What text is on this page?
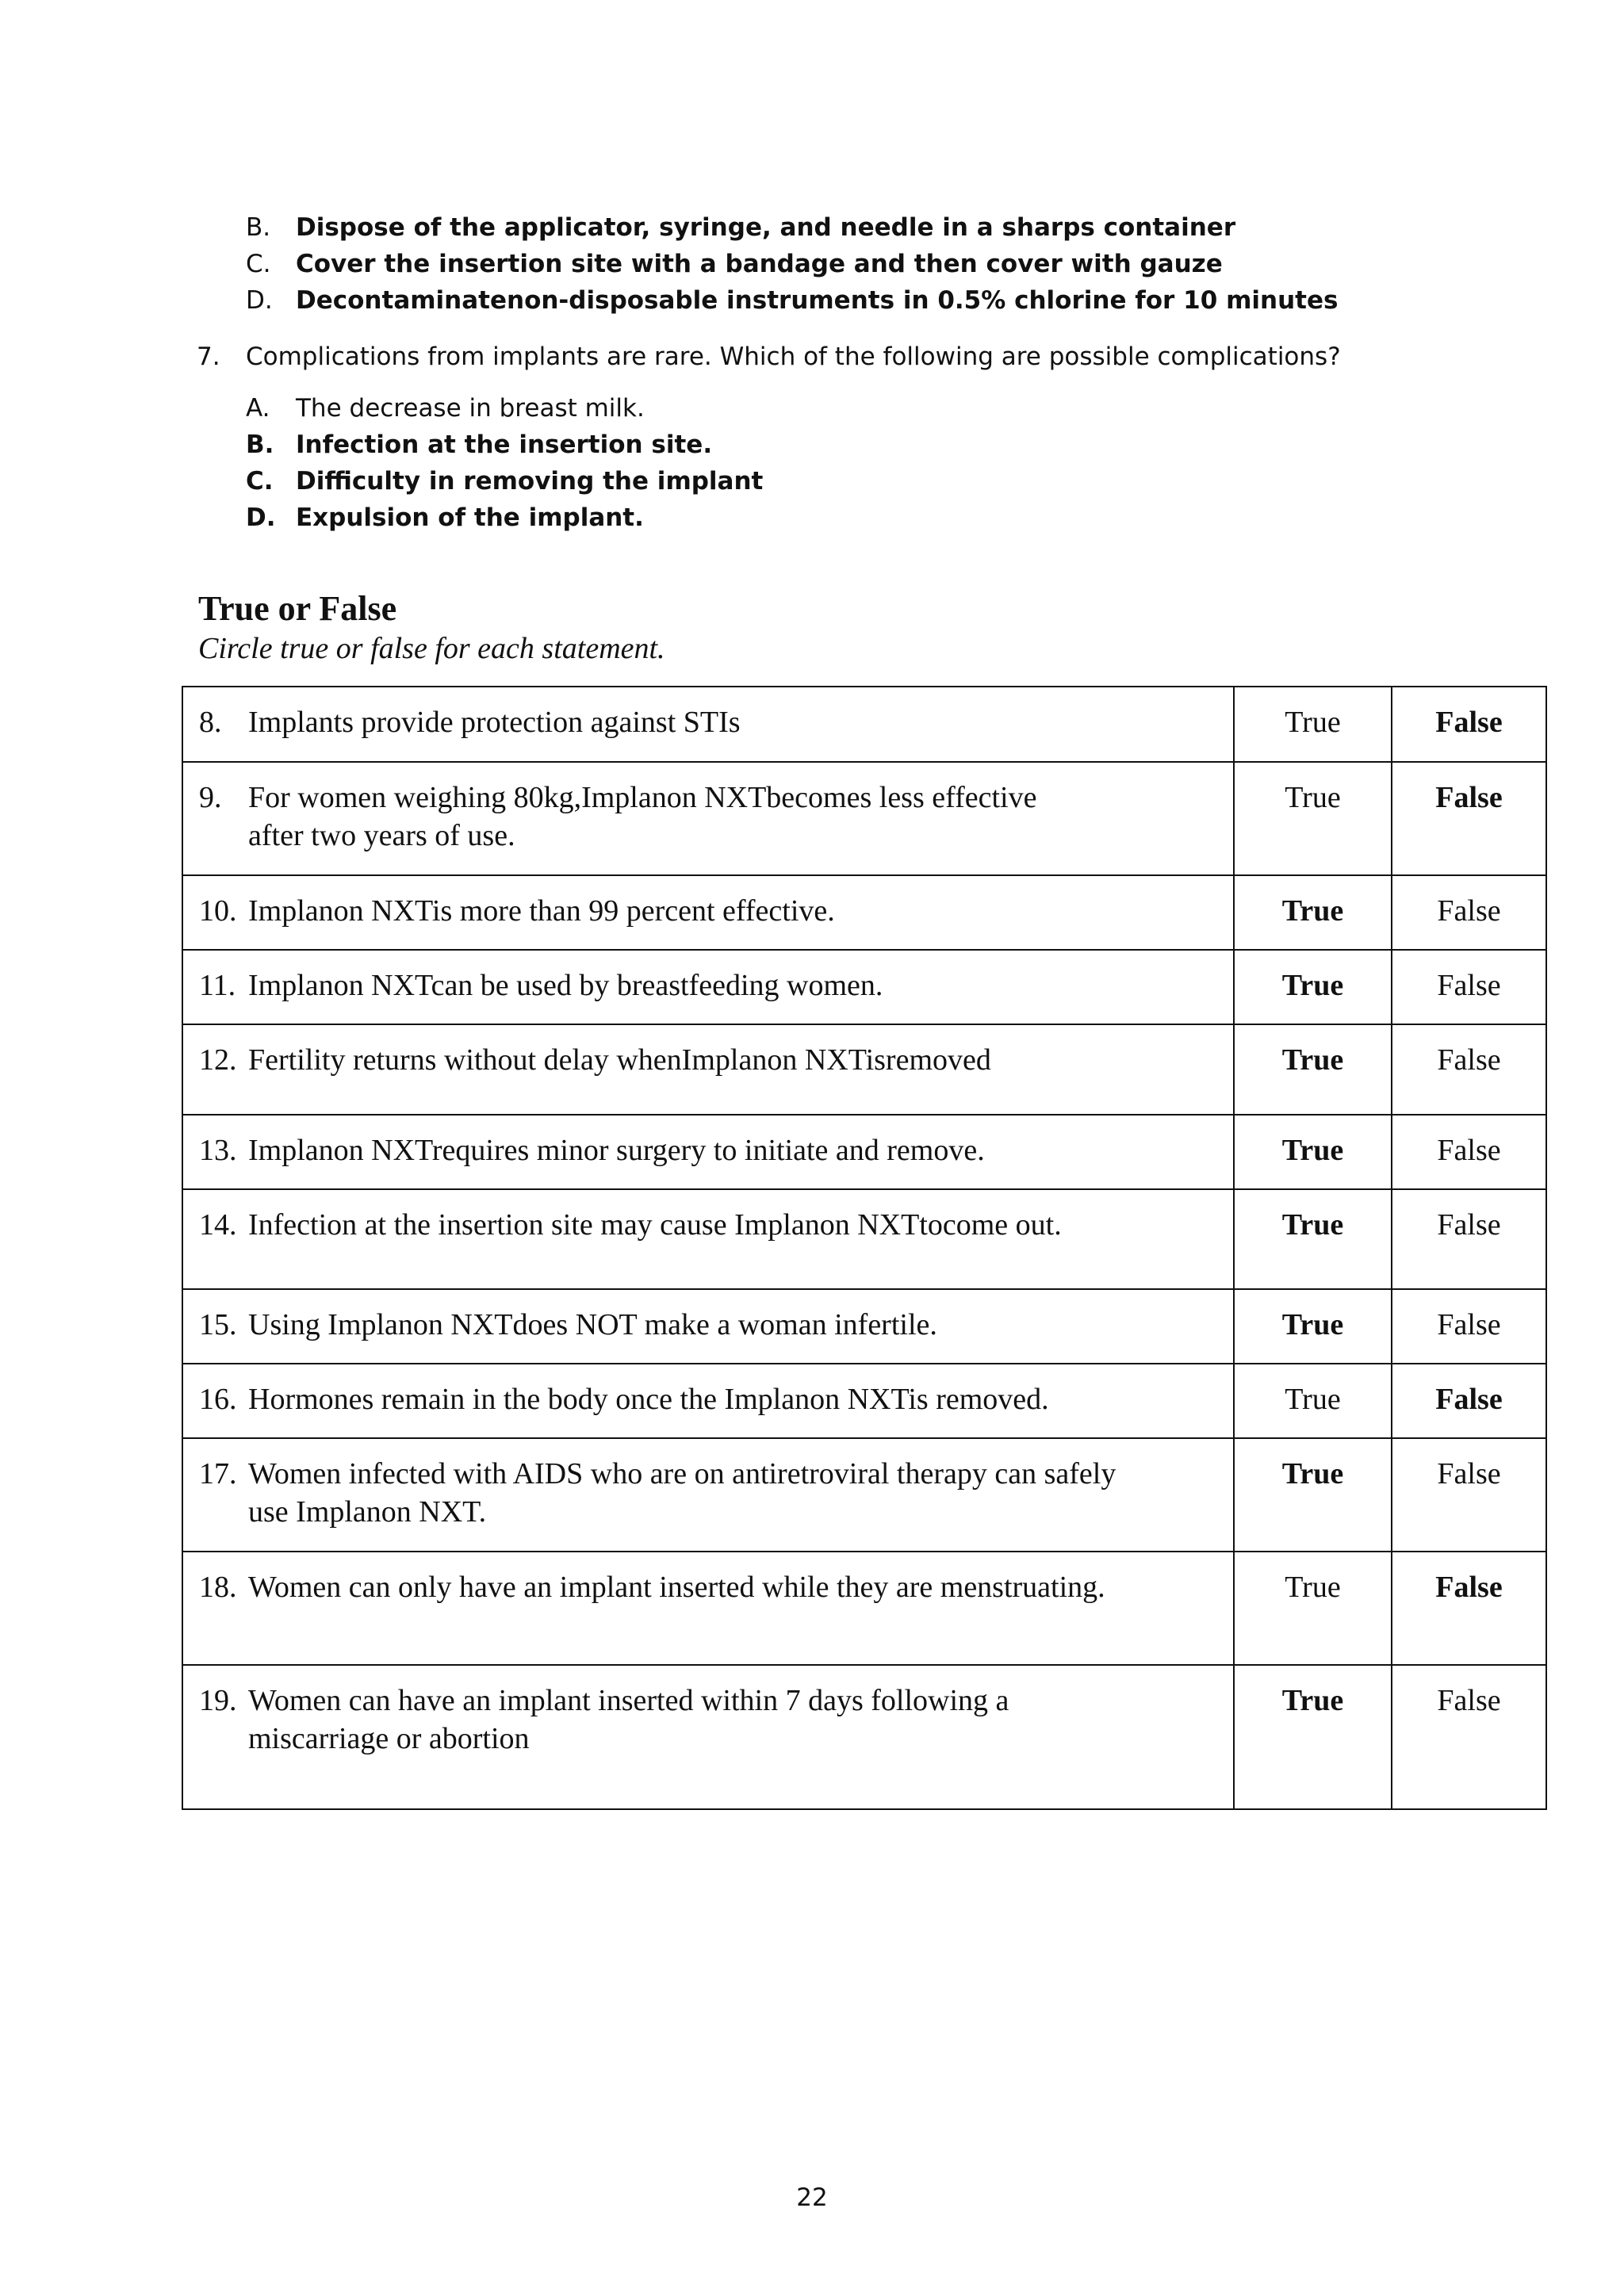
B.	Dispose of the applicator, syringe, and needle in a sharps container
C.	Cover the insertion site with a bandage and then cover with gauze
D. Decontaminatenon-disposable instruments in 0.5% chlorine for 10 minutes
7. Complications from implants are rare. Which of the following are possible complications?
A.	The decrease in breast milk.
B. Infection at the insertion site.
C. Difficulty in removing the implant
D. Expulsion of the implant.
True or False
Circle true or false for each statement.
8. Implants provide protection against STIs	True	False

9. For women weighing 80kg,Implanon NXTbecomes less effective
after two years of use.	True	False

10. Implanon NXTis more than 99 percent effective.	True	False

11. Implanon NXTcan be used by breastfeeding women.	True	False

12. Fertility returns without delay whenImplanon NXTisremoved	True	False

13. Implanon NXTrequires minor surgery to initiate and remove.	True	False

14. Infection at the insertion site may cause Implanon NXTtocome out.	True	False

15. Using Implanon NXTdoes NOT make a woman infertile.	True	False

16. Hormones remain in the body once the Implanon NXTis removed.	True	False

17. Women infected with AIDS who are on antiretroviral therapy can safely
use Implanon NXT.	True	False

18. Women can only have an implant inserted while they are menstruating.	True	False

19. Women can have an implant inserted within 7 days following a
miscarriage or abortion	True	False
22
